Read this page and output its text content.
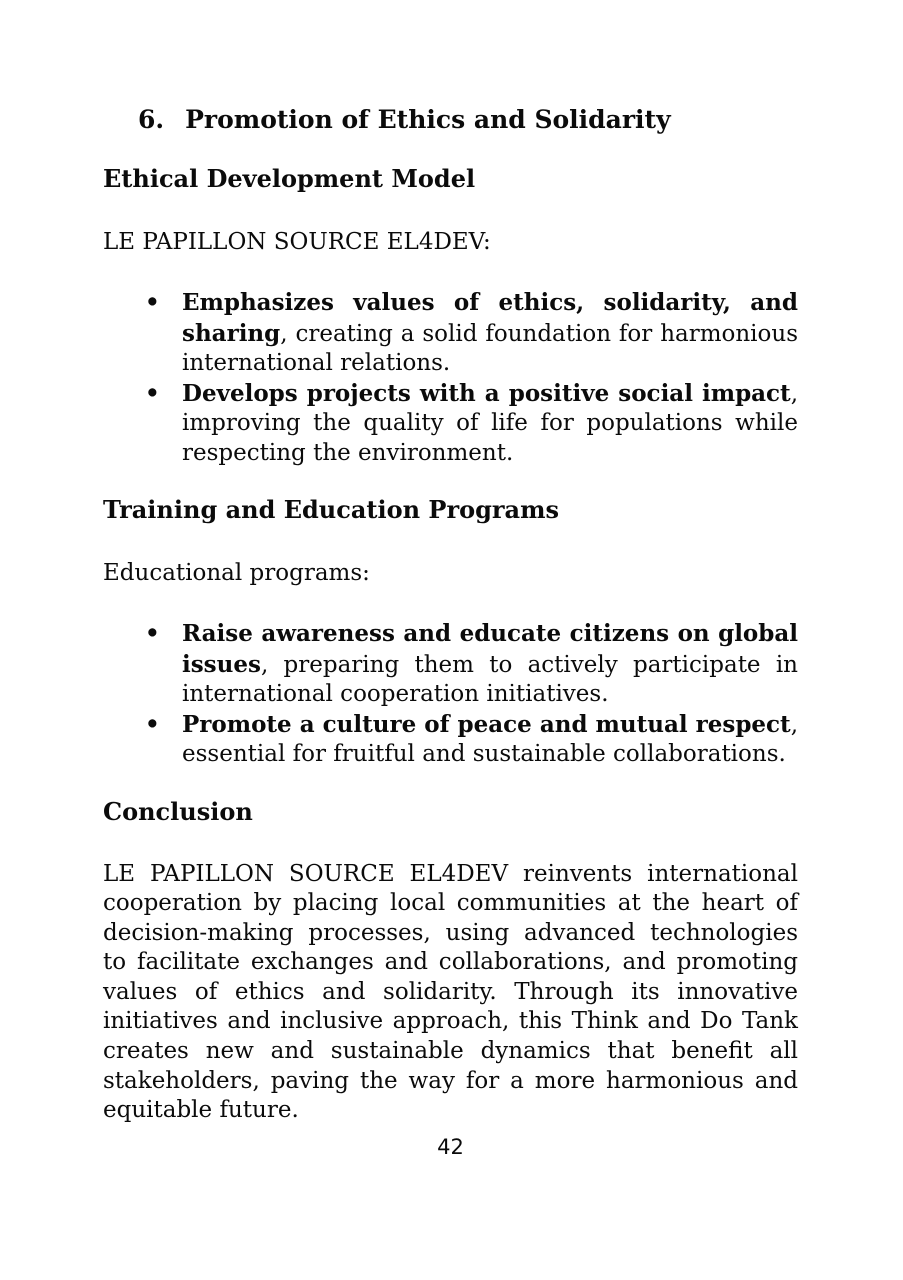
6. Promotion of Ethics and Solidarity
Ethical Development Model

LE PAPILLON SOURCE EL4DEV:

• Emphasizes values of ethics, solidarity, and sharing, creating a solid foundation for harmonious international relations.
• Develops projects with a positive social impact, improving the quality of life for populations while respecting the environment.
Training and Education Programs

Educational programs:

• Raise awareness and educate citizens on global issues, preparing them to actively participate in international cooperation initiatives.
• Promote a culture of peace and mutual respect, essential for fruitful and sustainable collaborations.
Conclusion

LE PAPILLON SOURCE EL4DEV reinvents international cooperation by placing local communities at the heart of decision-making processes, using advanced technologies to facilitate exchanges and collaborations, and promoting values of ethics and solidarity. Through its innovative initiatives and inclusive approach, this Think and Do Tank creates new and sustainable dynamics that benefit all stakeholders, paving the way for a more harmonious and equitable future.

42
